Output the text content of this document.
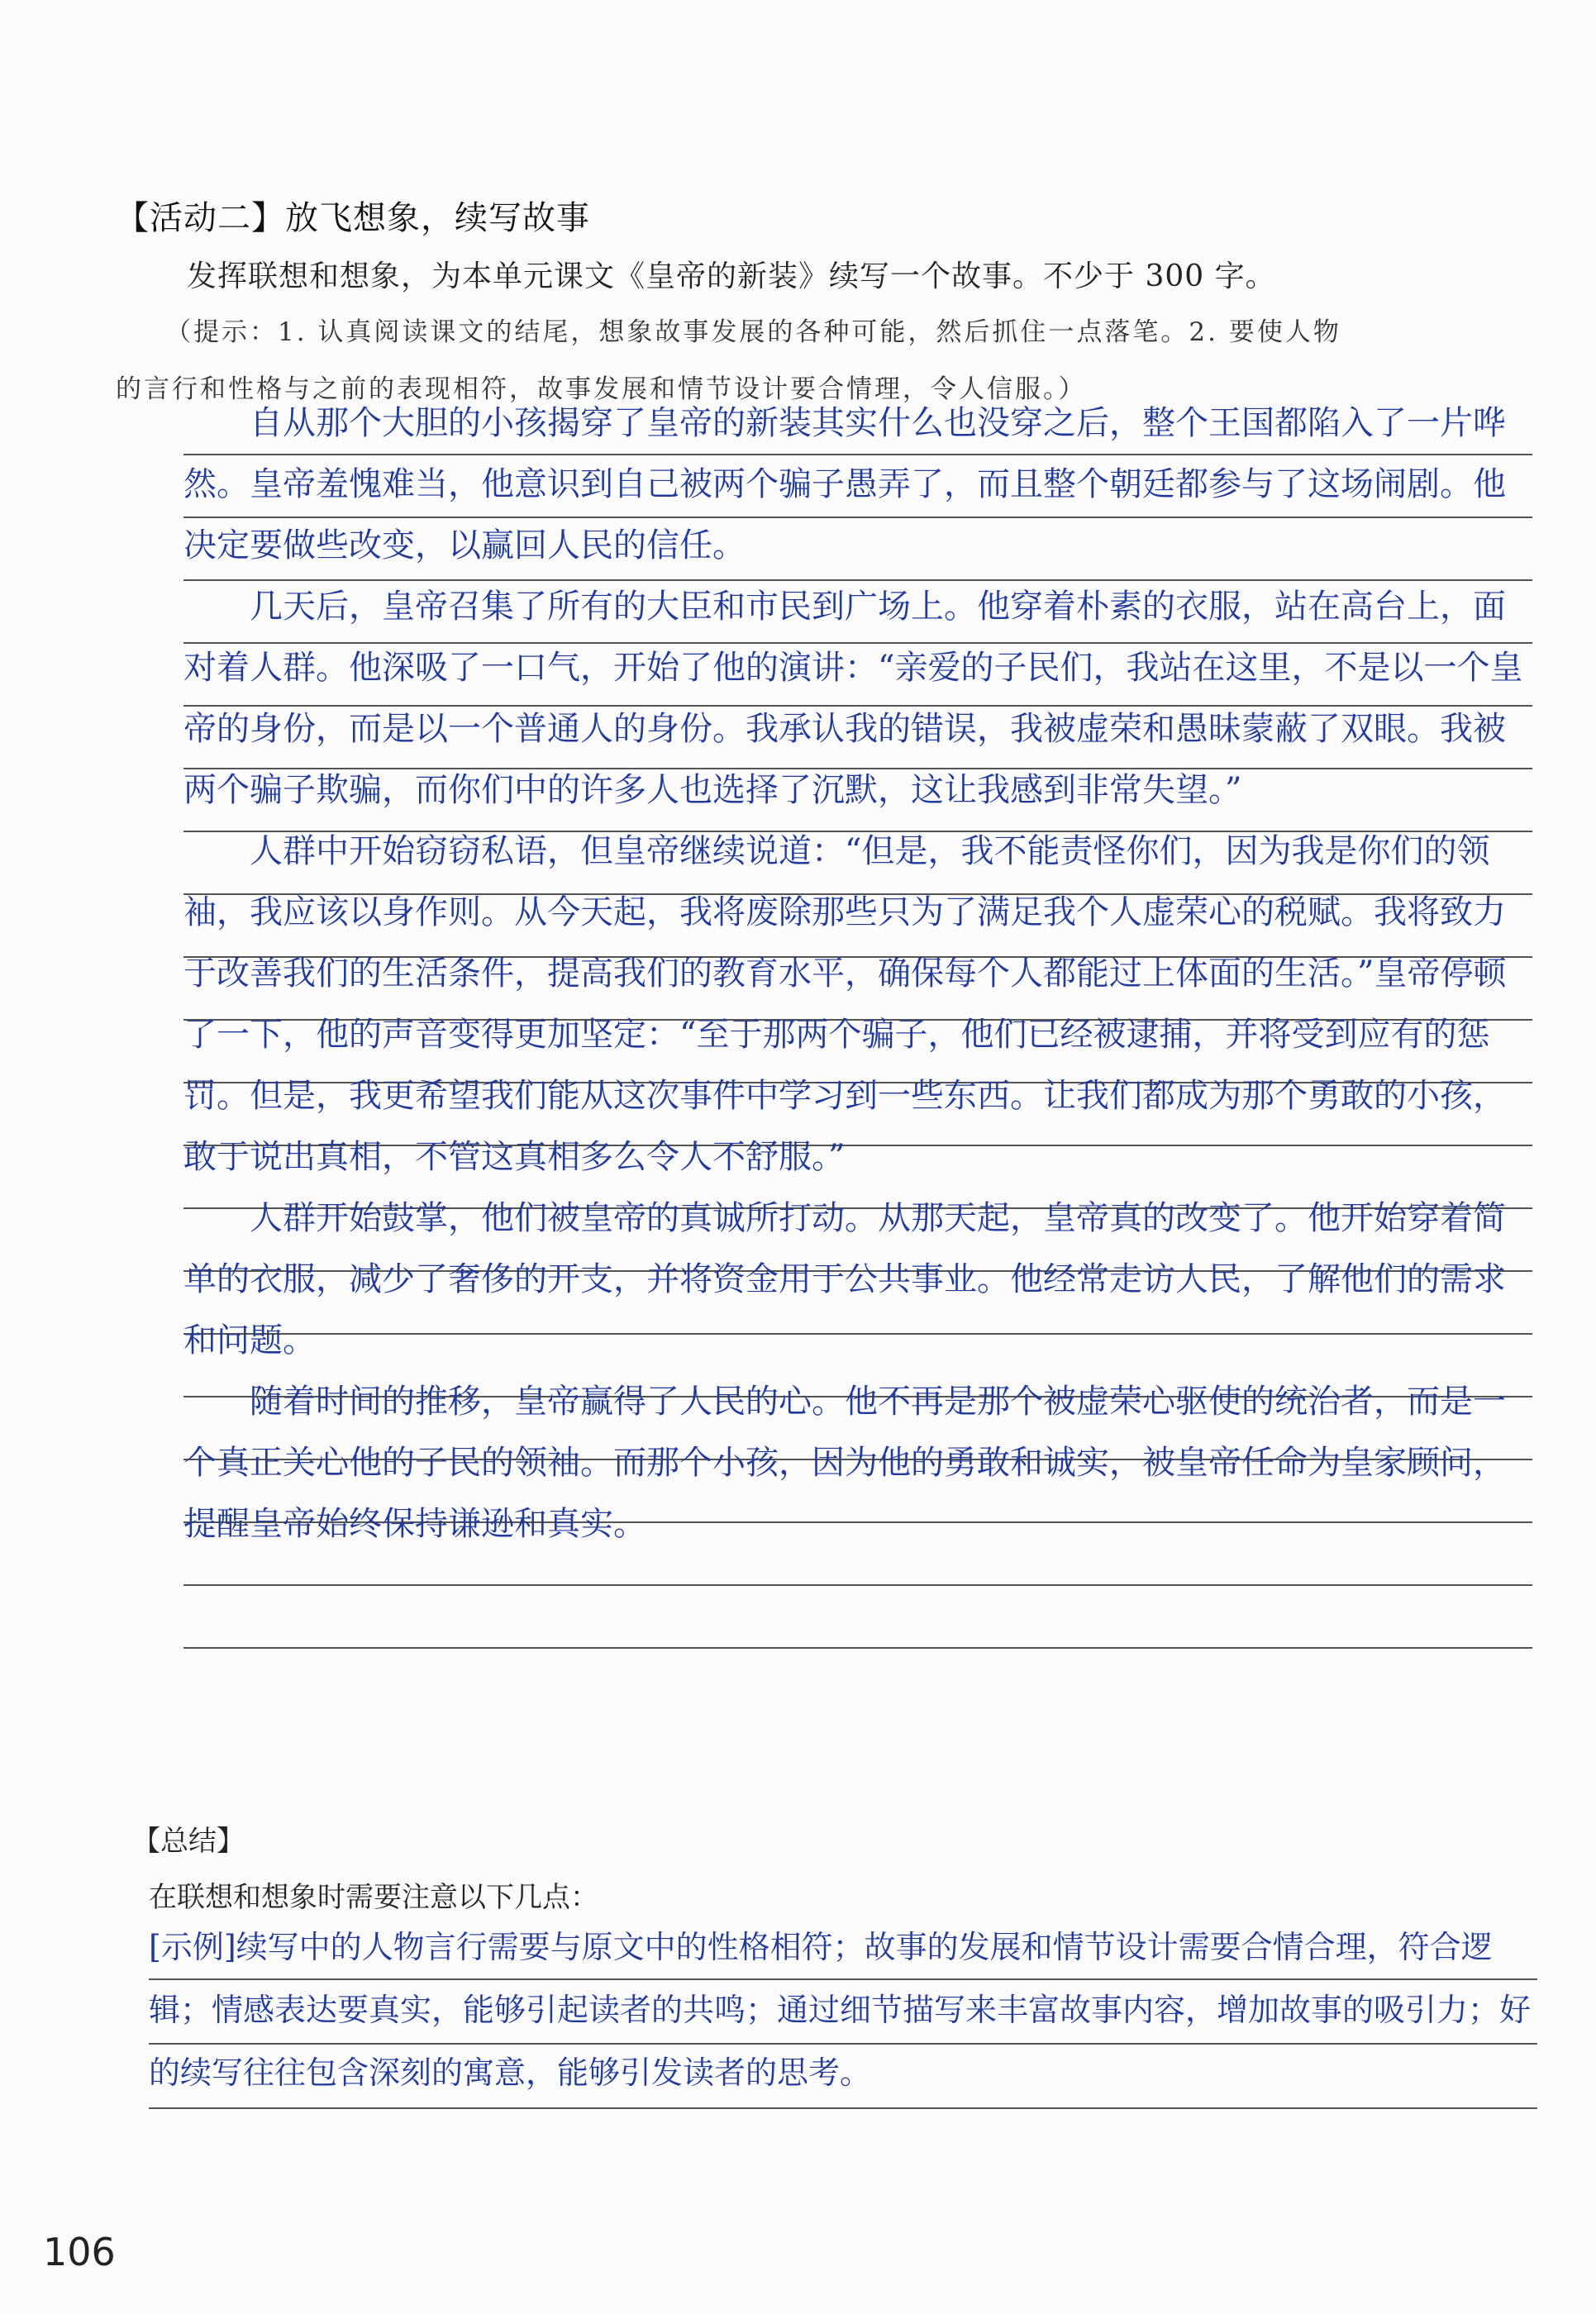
【活动二】放飞想象，续写故事
发挥联想和想象，为本单元课文《皇帝的新装》续写一个故事。不少于 300 字。
（提示：1. 认真阅读课文的结尾，想象故事发展的各种可能，然后抓住一点落笔。2. 要使人物
的言行和性格与之前的表现相符，故事发展和情节设计要合情理，令人信服。）
自从那个大胆的小孩揭穿了皇帝的新装其实什么也没穿之后，整个王国都陷入了一片哗然。皇帝羞愧难当，他意识到自己被两个骗子愚弄了，而且整个朝廷都参与了这场闹剧。他决定要做些改变，以赢回人民的信任。
几天后，皇帝召集了所有的大臣和市民到广场上。他穿着朴素的衣服，站在高台上，面对着人群。他深吸了一口气，开始了他的演讲：“亲爱的子民们，我站在这里，不是以一个皇帝的身份，而是以一个普通人的身份。我承认我的错误，我被虚荣和愚昧蒙蔽了双眼。我被两个骗子欺骗，而你们中的许多人也选择了沉默，这让我感到非常失望。”
人群中开始窃窃私语，但皇帝继续说道：“但是，我不能责怪你们，因为我是你们的领袖，我应该以身作则。从今天起，我将废除那些只为了满足我个人虚荣心的税赋。我将致力于改善我们的生活条件，提高我们的教育水平，确保每个人都能过上体面的生活。”皇帝停顿了一下，他的声音变得更加坚定：“至于那两个骗子，他们已经被逮捕，并将受到应有的惩罚。但是，我更希望我们能从这次事件中学习到一些东西。让我们都成为那个勇敢的小孩，敢于说出真相，不管这真相多么令人不舒服。”
人群开始鼓掌，他们被皇帝的真诚所打动。从那天起，皇帝真的改变了。他开始穿着简单的衣服，减少了奢侈的开支，并将资金用于公共事业。他经常走访人民，了解他们的需求和问题。
随着时间的推移，皇帝赢得了人民的心。他不再是那个被虚荣心驱使的统治者，而是一个真正关心他的子民的领袖。而那个小孩，因为他的勇敢和诚实，被皇帝任命为皇家顾问，提醒皇帝始终保持谦逊和真实。
【总结】
在联想和想象时需要注意以下几点：
[示例]续写中的人物言行需要与原文中的性格相符；故事的发展和情节设计需要合情合理，符合逻辑；情感表达要真实，能够引起读者的共鸣；通过细节描写来丰富故事内容，增加故事的吸引力；好的续写往往包含深刻的寓意，能够引发读者的思考。
106
